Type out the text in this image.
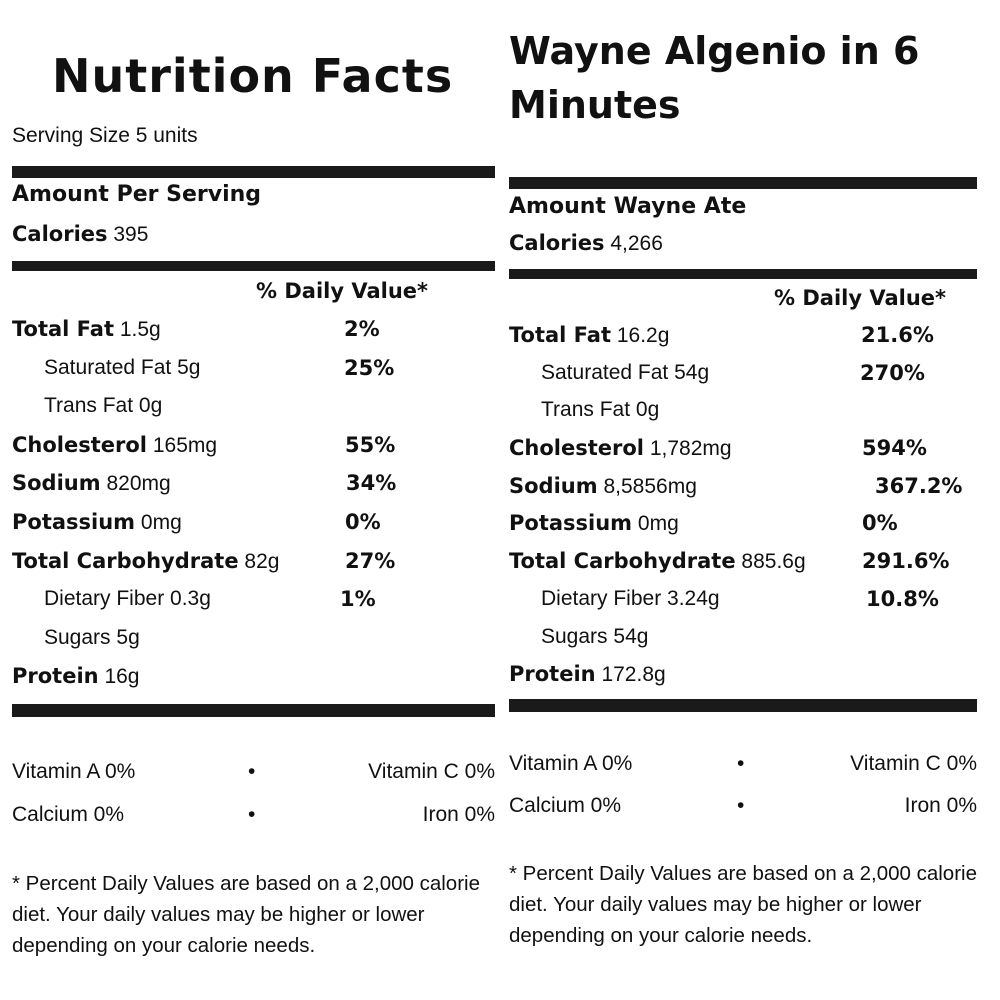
Nutrition Facts
Serving Size 5 units
Amount Per Serving
Calories 395
% Daily Value*
Total Fat 1.5g	2%
Saturated Fat 5g	25%
Trans Fat 0g
Cholesterol 165mg	55%
Sodium 820mg	34%
Potassium 0mg	0%
Total Carbohydrate 82g	27%
Dietary Fiber 0.3g	1%
Sugars 5g
Protein 16g
Vitamin A 0%	•	Vitamin C 0%
Calcium 0%	•	Iron 0%
* Percent Daily Values are based on a 2,000 calorie diet. Your daily values may be higher or lower depending on your calorie needs.
Wayne Algenio in 6 Minutes
Amount Wayne Ate
Calories 4,266
% Daily Value*
Total Fat 16.2g	21.6%
Saturated Fat 54g	270%
Trans Fat 0g
Cholesterol 1,782mg	594%
Sodium 8,5856mg	367.2%
Potassium 0mg	0%
Total Carbohydrate 885.6g	291.6%
Dietary Fiber 3.24g	10.8%
Sugars 54g
Protein 172.8g
Vitamin A 0%	•	Vitamin C 0%
Calcium 0%	•	Iron 0%
* Percent Daily Values are based on a 2,000 calorie diet. Your daily values may be higher or lower depending on your calorie needs.
